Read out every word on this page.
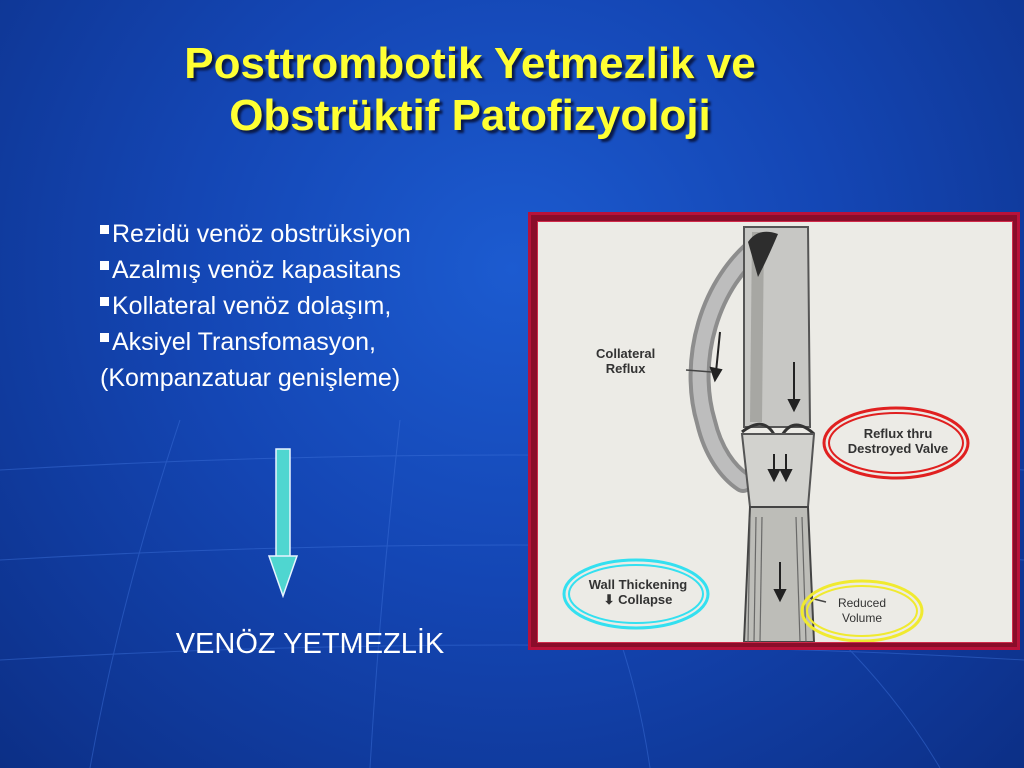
Posttrombotik Yetmezlik ve
Obstrüktif Patofizyoloji
Rezidü venöz obstrüksiyon
Azalmış venöz kapasitans
Kollateral venöz dolaşım,
Aksiyel Transfomasyon,
(Kompanzatuar genişleme)
VENÖZ YETMEZLİK
Collateral
Reflux
Reflux thru
Destroyed Valve
Wall Thickening
⬇ Collapse	Reduced
Volume
